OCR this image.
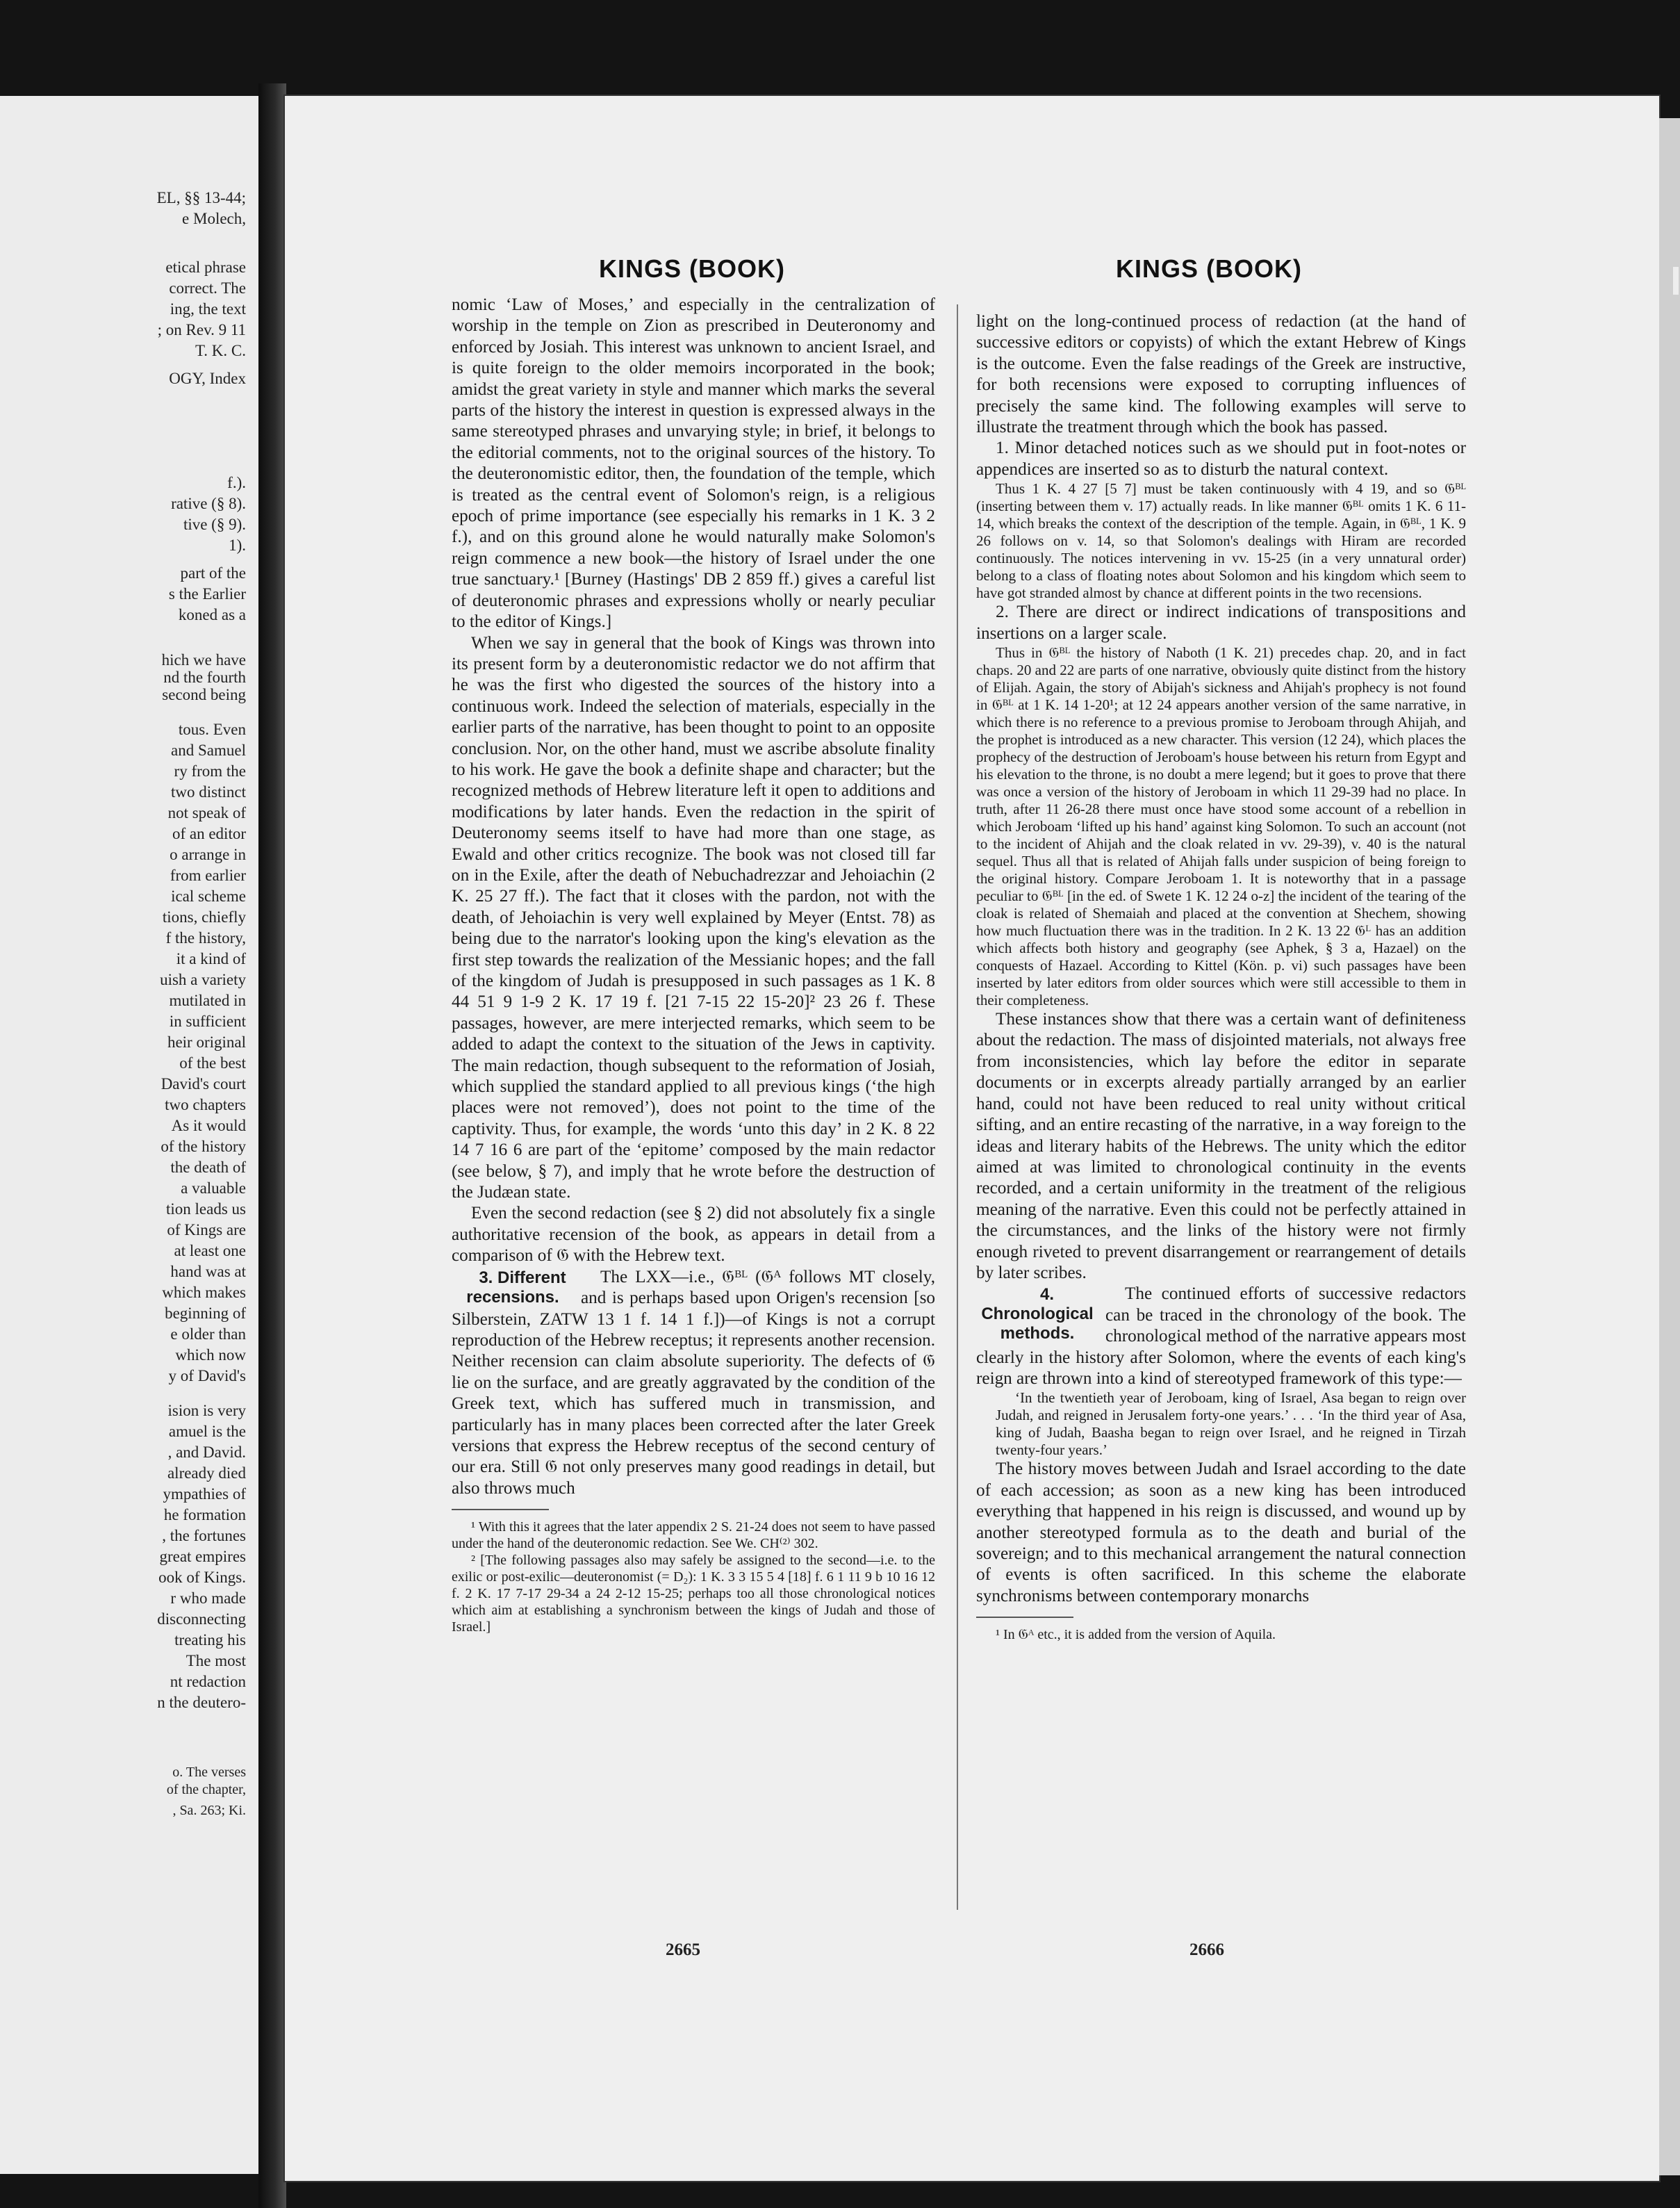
EL, §§ 13-44;
e Molech,
etical phrase
correct. The
ing, the text
; on Rev. 9 11
T. K. C.
OGY, Index
f.).
rative (§ 8).
tive (§ 9).
1).
part of the
s the Earlier
koned as a
hich we have
nd the fourth
second being
tous. Even
and Samuel
ry from the
two distinct
not speak of
of an editor
o arrange in
from earlier
ical scheme
tions, chiefly
f the history,
it a kind of
uish a variety
mutilated in
in sufficient
heir original
of the best
David's court
two chapters
As it would
of the history
the death of
a valuable
tion leads us
of Kings are
at least one
hand was at
which makes
beginning of
e older than
which now
y of David's
ision is very
amuel is the
, and David.
already died
ympathies of
he formation
, the fortunes
great empires
ook of Kings.
r who made
disconnecting
treating his
The most
nt redaction
n the deutero-
o. The verses
of the chapter,
, Sa. 263; Ki.
KINGS (BOOK)	KINGS (BOOK)

nomic ‘Law of Moses,’ and especially in the centralization of worship in the temple on Zion as prescribed in Deuteronomy and enforced by Josiah. This interest was unknown to ancient Israel, and is quite foreign to the older memoirs incorporated in the book; amidst the great variety in style and manner which marks the several parts of the history the interest in question is expressed always in the same stereotyped phrases and unvarying style; in brief, it belongs to the editorial comments, not to the original sources of the history. To the deuteronomistic editor, then, the foundation of the temple, which is treated as the central event of Solomon's reign, is a religious epoch of prime importance (see especially his remarks in 1 K. 3 2 f.), and on this ground alone he would naturally make Solomon's reign commence a new book—the history of Israel under the one true sanctuary.¹ [Burney (Hastings' DB 2 859 ff.) gives a careful list of deuteronomic phrases and expressions wholly or nearly peculiar to the editor of Kings.]

When we say in general that the book of Kings was thrown into its present form by a deuteronomistic redactor we do not affirm that he was the first who digested the sources of the history into a continuous work. Indeed the selection of materials, especially in the earlier parts of the narrative, has been thought to point to an opposite conclusion. Nor, on the other hand, must we ascribe absolute finality to his work. He gave the book a definite shape and character; but the recognized methods of Hebrew literature left it open to additions and modifications by later hands. Even the redaction in the spirit of Deuteronomy seems itself to have had more than one stage, as Ewald and other critics recognize. The book was not closed till far on in the Exile, after the death of Nebuchadrezzar and Jehoiachin (2 K. 25 27 ff.). The fact that it closes with the pardon, not with the death, of Jehoiachin is very well explained by Meyer (Entst. 78) as being due to the narrator's looking upon the king's elevation as the first step towards the realization of the Messianic hopes; and the fall of the kingdom of Judah is presupposed in such passages as 1 K. 8 44 51 9 1-9 2 K. 17 19 f. [21 7-15 22 15-20]² 23 26 f. These passages, however, are mere interjected remarks, which seem to be added to adapt the context to the situation of the Jews in captivity. The main redaction, though subsequent to the reformation of Josiah, which supplied the standard applied to all previous kings (‘the high places were not removed’), does not point to the time of the captivity. Thus, for example, the words ‘unto this day’ in 2 K. 8 22 14 7 16 6 are part of the ‘epitome’ composed by the main redactor (see below, § 7), and imply that he wrote before the destruction of the Judæan state.

Even the second redaction (see § 2) did not absolutely fix a single authoritative recension of the book, as appears in detail from a comparison of 𝔊 with the Hebrew text.

3. Different recensions.
The LXX—i.e., 𝔊ᴮᴸ (𝔊ᴬ follows MT closely, and is perhaps based upon Origen's recension [so Silberstein, ZATW 13 1 f. 14 1 f.])—of Kings is not a corrupt reproduction of the Hebrew receptus; it represents another recension. Neither recension can claim absolute superiority. The defects of 𝔊 lie on the surface, and are greatly aggravated by the condition of the Greek text, which has suffered much in transmission, and particularly has in many places been corrected after the later Greek versions that express the Hebrew receptus of the second century of our era. Still 𝔊 not only preserves many good readings in detail, but also throws much

¹ With this it agrees that the later appendix 2 S. 21-24 does not seem to have passed under the hand of the deuteronomic redaction. See We. CH⁽²⁾ 302.

² [The following passages also may safely be assigned to the second—i.e. to the exilic or post-exilic—deuteronomist (= D₂): 1 K. 3 3 15 5 4 [18] f. 6 1 11 9 b 10 16 12 f. 2 K. 17 7-17 29-34 a 24 2-12 15-25; perhaps too all those chronological notices which aim at establishing a synchronism between the kings of Judah and those of Israel.]

light on the long-continued process of redaction (at the hand of successive editors or copyists) of which the extant Hebrew of Kings is the outcome. Even the false readings of the Greek are instructive, for both recensions were exposed to corrupting influences of precisely the same kind. The following examples will serve to illustrate the treatment through which the book has passed.

1. Minor detached notices such as we should put in foot-notes or appendices are inserted so as to disturb the natural context.

Thus 1 K. 4 27 [5 7] must be taken continuously with 4 19, and so 𝔊ᴮᴸ (inserting between them v. 17) actually reads. In like manner 𝔊ᴮᴸ omits 1 K. 6 11-14, which breaks the context of the description of the temple. Again, in 𝔊ᴮᴸ, 1 K. 9 26 follows on v. 14, so that Solomon's dealings with Hiram are recorded continuously. The notices intervening in vv. 15-25 (in a very unnatural order) belong to a class of floating notes about Solomon and his kingdom which seem to have got stranded almost by chance at different points in the two recensions.

2. There are direct or indirect indications of transpositions and insertions on a larger scale.

Thus in 𝔊ᴮᴸ the history of Naboth (1 K. 21) precedes chap. 20, and in fact chaps. 20 and 22 are parts of one narrative, obviously quite distinct from the history of Elijah. Again, the story of Abijah's sickness and Ahijah's prophecy is not found in 𝔊ᴮᴸ at 1 K. 14 1-20¹; at 12 24 appears another version of the same narrative, in which there is no reference to a previous promise to Jeroboam through Ahijah, and the prophet is introduced as a new character. This version (12 24), which places the prophecy of the destruction of Jeroboam's house between his return from Egypt and his elevation to the throne, is no doubt a mere legend; but it goes to prove that there was once a version of the history of Jeroboam in which 11 29-39 had no place. In truth, after 11 26-28 there must once have stood some account of a rebellion in which Jeroboam ‘lifted up his hand’ against king Solomon. To such an account (not to the incident of Ahijah and the cloak related in vv. 29-39), v. 40 is the natural sequel. Thus all that is related of Ahijah falls under suspicion of being foreign to the original history. Compare Jeroboam 1. It is noteworthy that in a passage peculiar to 𝔊ᴮᴸ [in the ed. of Swete 1 K. 12 24 o-z] the incident of the tearing of the cloak is related of Shemaiah and placed at the convention at Shechem, showing how much fluctuation there was in the tradition. In 2 K. 13 22 𝔊ᴸ has an addition which affects both history and geography (see Aphek, § 3 a, Hazael) on the conquests of Hazael. According to Kittel (Kön. p. vi) such passages have been inserted by later editors from older sources which were still accessible to them in their completeness.

These instances show that there was a certain want of definiteness about the redaction. The mass of disjointed materials, not always free from inconsistencies, which lay before the editor in separate documents or in excerpts already partially arranged by an earlier hand, could not have been reduced to real unity without critical sifting, and an entire recasting of the narrative, in a way foreign to the ideas and literary habits of the Hebrews. The unity which the editor aimed at was limited to chronological continuity in the events recorded, and a certain uniformity in the treatment of the religious meaning of the narrative. Even this could not be perfectly attained in the circumstances, and the links of the history were not firmly enough riveted to prevent disarrangement or rearrangement of details by later scribes.

4. Chronological methods.
The continued efforts of successive redactors can be traced in the chronology of the book. The chronological method of the narrative appears most clearly in the history after Solomon, where the events of each king's reign are thrown into a kind of stereotyped framework of this type:—

‘In the twentieth year of Jeroboam, king of Israel, Asa began to reign over Judah, and reigned in Jerusalem forty-one years.’ . . . ‘In the third year of Asa, king of Judah, Baasha began to reign over Israel, and he reigned in Tirzah twenty-four years.’

The history moves between Judah and Israel according to the date of each accession; as soon as a new king has been introduced everything that happened in his reign is discussed, and wound up by another stereotyped formula as to the death and burial of the sovereign; and to this mechanical arrangement the natural connection of events is often sacrificed. In this scheme the elaborate synchronisms between contemporary monarchs

¹ In 𝔊ᴬ etc., it is added from the version of Aquila.

2665	2666
